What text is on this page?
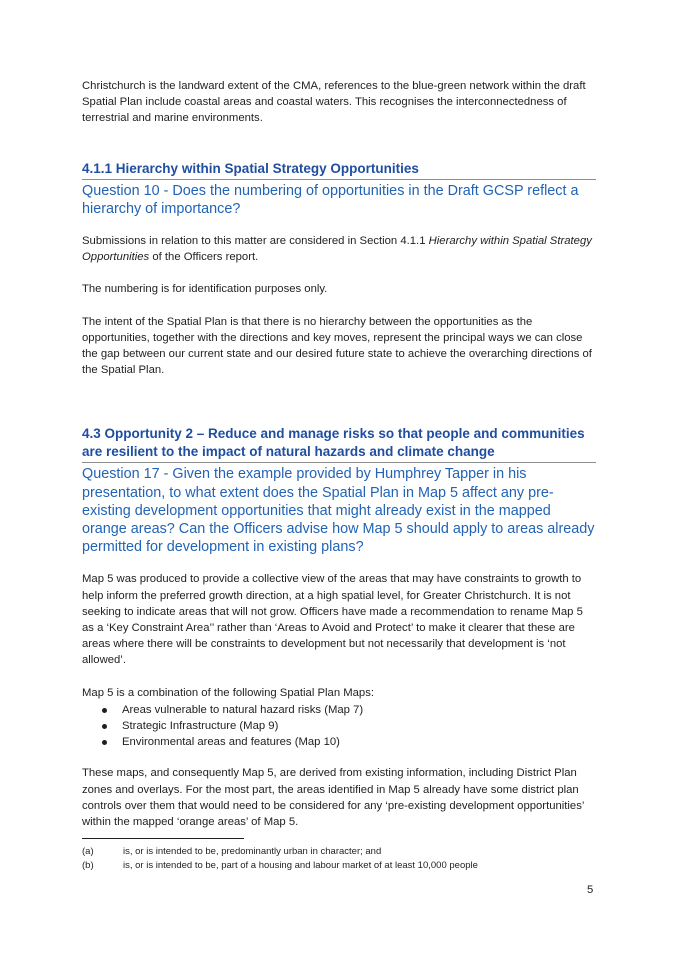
Christchurch is the landward extent of the CMA, references to the blue-green network within the draft Spatial Plan include coastal areas and coastal waters. This recognises the interconnectedness of terrestrial and marine environments.

4.1.1 Hierarchy within Spatial Strategy Opportunities
Question 10 - Does the numbering of opportunities in the Draft GCSP reflect a hierarchy of importance?

Submissions in relation to this matter are considered in Section 4.1.1 Hierarchy within Spatial Strategy Opportunities of the Officers report.

The numbering is for identification purposes only.

The intent of the Spatial Plan is that there is no hierarchy between the opportunities as the opportunities, together with the directions and key moves, represent the principal ways we can close the gap between our current state and our desired future state to achieve the overarching directions of the Spatial Plan.

4.3 Opportunity 2 – Reduce and manage risks so that people and communities are resilient to the impact of natural hazards and climate change
Question 17 - Given the example provided by Humphrey Tapper in his presentation, to what extent does the Spatial Plan in Map 5 affect any pre-existing development opportunities that might already exist in the mapped orange areas? Can the Officers advise how Map 5 should apply to areas already permitted for development in existing plans?

Map 5 was produced to provide a collective view of the areas that may have constraints to growth to help inform the preferred growth direction, at a high spatial level, for Greater Christchurch. It is not seeking to indicate areas that will not grow. Officers have made a recommendation to rename Map 5 as a ‘Key Constraint Area’’ rather than ‘Areas to Avoid and Protect’ to make it clearer that these are areas where there will be constraints to development but not necessarily that development is ‘not allowed’.

Map 5 is a combination of the following Spatial Plan Maps:

Areas vulnerable to natural hazard risks (Map 7)
Strategic Infrastructure (Map 9)
Environmental areas and features (Map 10)

These maps, and consequently Map 5, are derived from existing information, including District Plan zones and overlays. For the most part, the areas identified in Map 5 already have some district plan controls over them that would need to be considered for any ‘pre-existing development opportunities’ within the mapped ‘orange areas’ of Map 5.

(a)	is, or is intended to be, predominantly urban in character; and
(b)	is, or is intended to be, part of a housing and labour market of at least 10,000 people
5
